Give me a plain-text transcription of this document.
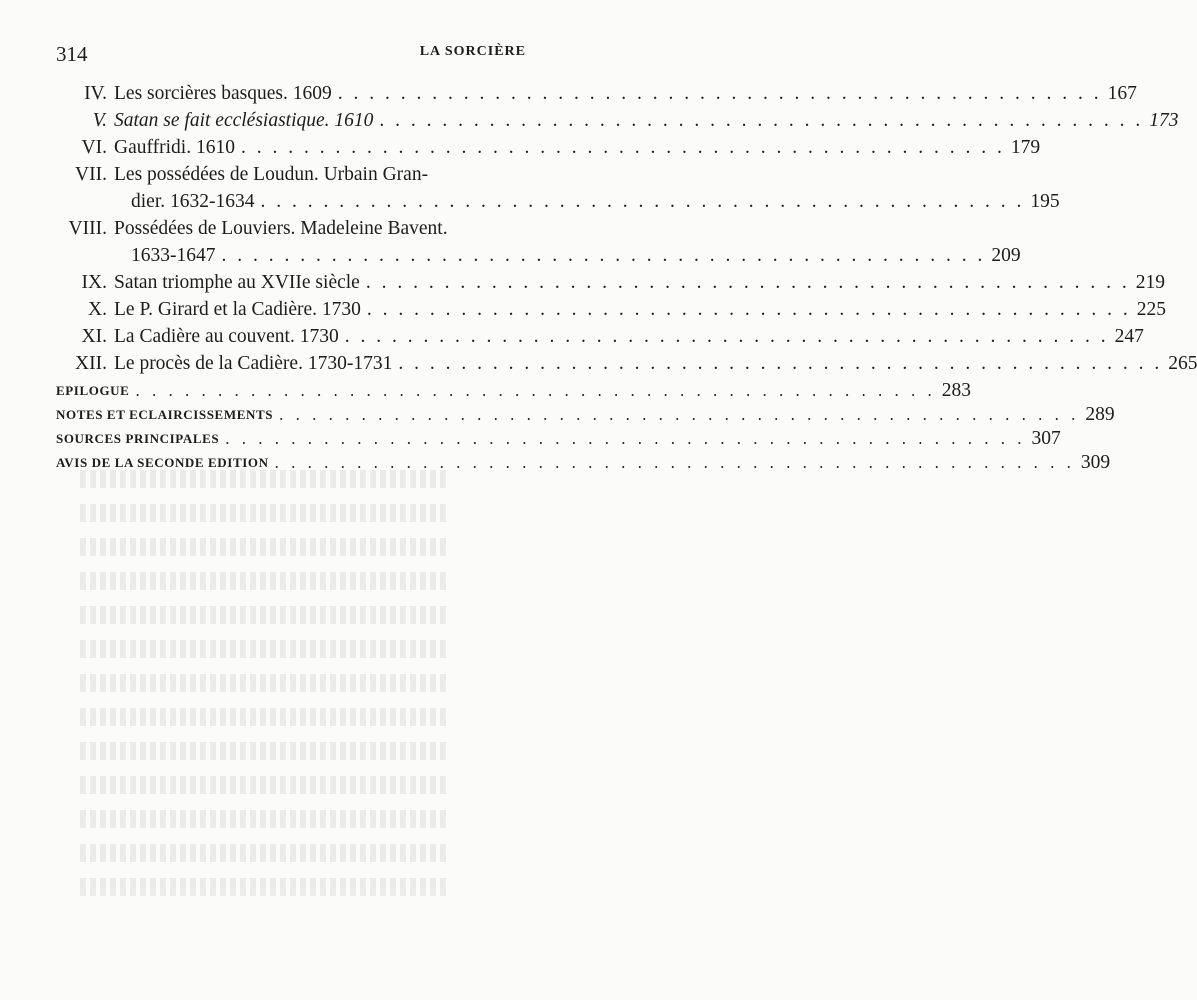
314	LA SORCIÈRE
IV. Les sorcières basques. 1609 . . . . . . . . . . . . . . . . . . . . . . . . . . . . . . . . . . . . . . . . . . . . . . . . . 167
V. Satan se fait ecclésiastique. 1610 . . . . . . . . . . . . . . . . . . . . . . . . . . . . . . . . . . . . . . . . . . . . . . . . . 173
VI. Gauffridi. 1610 . . . . . . . . . . . . . . . . . . . . . . . . . . . . . . . . . . . . . . . . . . . . . . . . . 179
VII. Les possédées de Loudun. Urbain Gran-
dier. 1632-1634 . . . . . . . . . . . . . . . . . . . . . . . . . . . . . . . . . . . . . . . . . . . . . . . . . 195
VIII. Possédées de Louviers. Madeleine Bavent.
1633-1647 . . . . . . . . . . . . . . . . . . . . . . . . . . . . . . . . . . . . . . . . . . . . . . . . . 209
IX. Satan triomphe au XVIIe siècle . . . . . . . . . . . . . . . . . . . . . . . . . . . . . . . . . . . . . . . . . . . . . . . . . 219
X. Le P. Girard et la Cadière. 1730 . . . . . . . . . . . . . . . . . . . . . . . . . . . . . . . . . . . . . . . . . . . . . . . . . 225
XI. La Cadière au couvent. 1730 . . . . . . . . . . . . . . . . . . . . . . . . . . . . . . . . . . . . . . . . . . . . . . . . . 247
XII. Le procès de la Cadière. 1730-1731 . . . . . . . . . . . . . . . . . . . . . . . . . . . . . . . . . . . . . . . . . . . . . . . . . 265
EPILOGUE . . . . . . . . . . . . . . . . . . . . . . . . . . . . . . . . . . . . . . . . . . . . . . . . . 283
NOTES ET ECLAIRCISSEMENTS . . . . . . . . . . . . . . . . . . . . . . . . . . . . . . . . . . . . . . . . . . . . . . . . . 289
SOURCES PRINCIPALES . . . . . . . . . . . . . . . . . . . . . . . . . . . . . . . . . . . . . . . . . . . . . . . . . 307
AVIS DE LA SECONDE EDITION . . . . . . . . . . . . . . . . . . . . . . . . . . . . . . . . . . . . . . . . . . . . . . . . . 309
